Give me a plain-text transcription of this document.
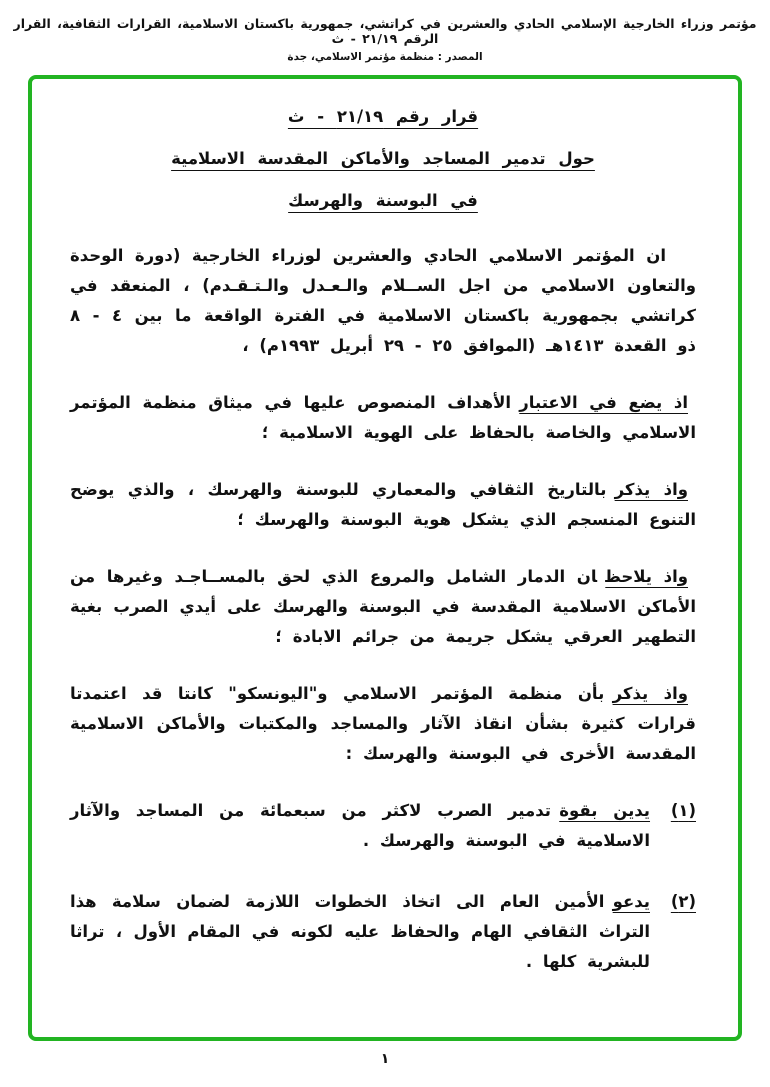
مؤتمر وزراء الخارجية الإسلامي الحادي والعشرين في كراتشي، جمهورية باكستان الاسلامية، القرارات الثقافية، القرار الرقم ٢١/١٩ - ث
المصدر : منظمة مؤتمر الاسلامي، جدة
قرار رقم ٢١/١٩ - ث
حول تدمير المساجد والأماكن المقدسة الاسلامية
في البوسنة والهرسك

ان المؤتمر الاسلامي الحادي والعشرين لوزراء الخارجية (دورة الوحدة والتعاون الاسلامي من اجل الســلام والـعـدل والـتـقـدم) ، المنعقد في كراتشي بجمهورية باكستان الاسلامية في الفترة الواقعة ما بين ٤ - ٨ ذو القعدة ١٤١٣هـ (الموافق ٢٥ - ٢٩ أبريل ١٩٩٣م) ،

اذ يضع في الاعتبارالأهداف المنصوص عليها في ميثاق منظمة المؤتمر الاسلامي والخاصة بالحفاظ على الهوية الاسلامية ؛

واذ يذكربالتاريخ الثقافي والمعماري للبوسنة والهرسك ، والذي يوضح التنوع المنسجم الذي يشكل هوية البوسنة والهرسك ؛

واذ يلاحظان الدمار الشامل والمروع الذي لحق بالمســاجـد وغيرها من الأماكن الاسلامية المقدسة في البوسنة والهرسك على أيدي الصرب بغية التطهير العرقي يشكل جريمة من جرائم الابادة ؛

واذ يذكربأن منظمة المؤتمر الاسلامي و"اليونسكو" كانتا قد اعتمدتا قرارات كثيرة بشأن انقاذ الآثار والمساجد والمكتبات والأماكن الاسلامية المقدسة الأخرى في البوسنة والهرسك :

(١)

يدين بقوةتدمير الصرب لاكثر من سبعمائة من المساجد والآثار الاسلامية في البوسنة والهرسك .

(٢)

يدعوالأمين العام الى اتخاذ الخطوات اللازمة لضمان سلامة هذا التراث الثقافي الهام والحفاظ عليه لكونه في المقام الأول ، تراثا للبشرية كلها .

١
